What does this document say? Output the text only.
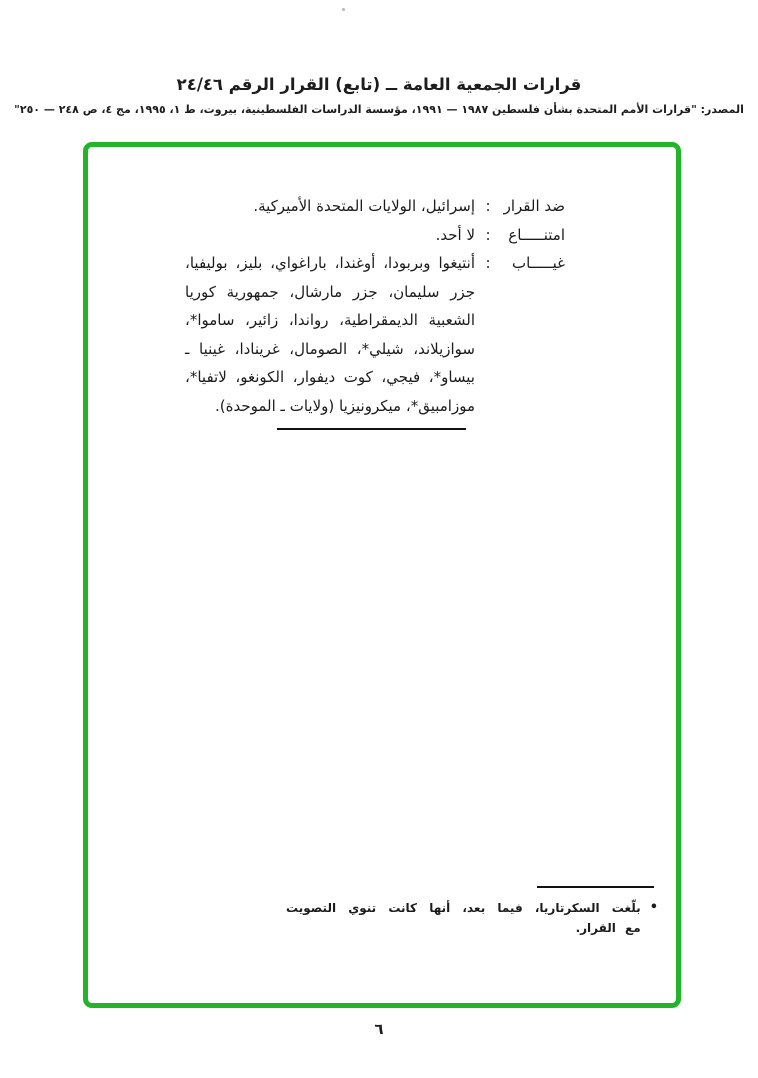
قرارات الجمعية العامة ــ (تابع) القرار الرقم ٢٤/٤٦
المصدر: "قرارات الأمم المتحدة بشأن فلسطين ١٩٨٧ — ١٩٩١، مؤسسة الدراسات الفلسطينية، بيروت، ط ١، ١٩٩٥، مج ٤، ص ٢٤٨ — ٢٥٠"
ضد القرار
:
إسرائيل، الولايات المتحدة الأميركية.
امتنـــــاع
:
لا أحد.
غيـــــاب
:
أنتيغوا وبربودا، أوغندا، باراغواي، بليز، بوليفيا، جزر سليمان، جزر مارشال، جمهورية كوريا الشعبية الديمقراطية، رواندا، زائير، ساموا*، سوازيلاند، شيلي*، الصومال، غرينادا، غينيا ـ بيساو*، فيجي، كوت ديفوار، الكونغو، لاتفيا*، موزامبيق*، ميكرونيزيا (ولايات ـ الموحدة).
•
بلّغت السكرتاريا، فيما بعد، أنها كانت تنوي التصويت مع القرار.
٦
